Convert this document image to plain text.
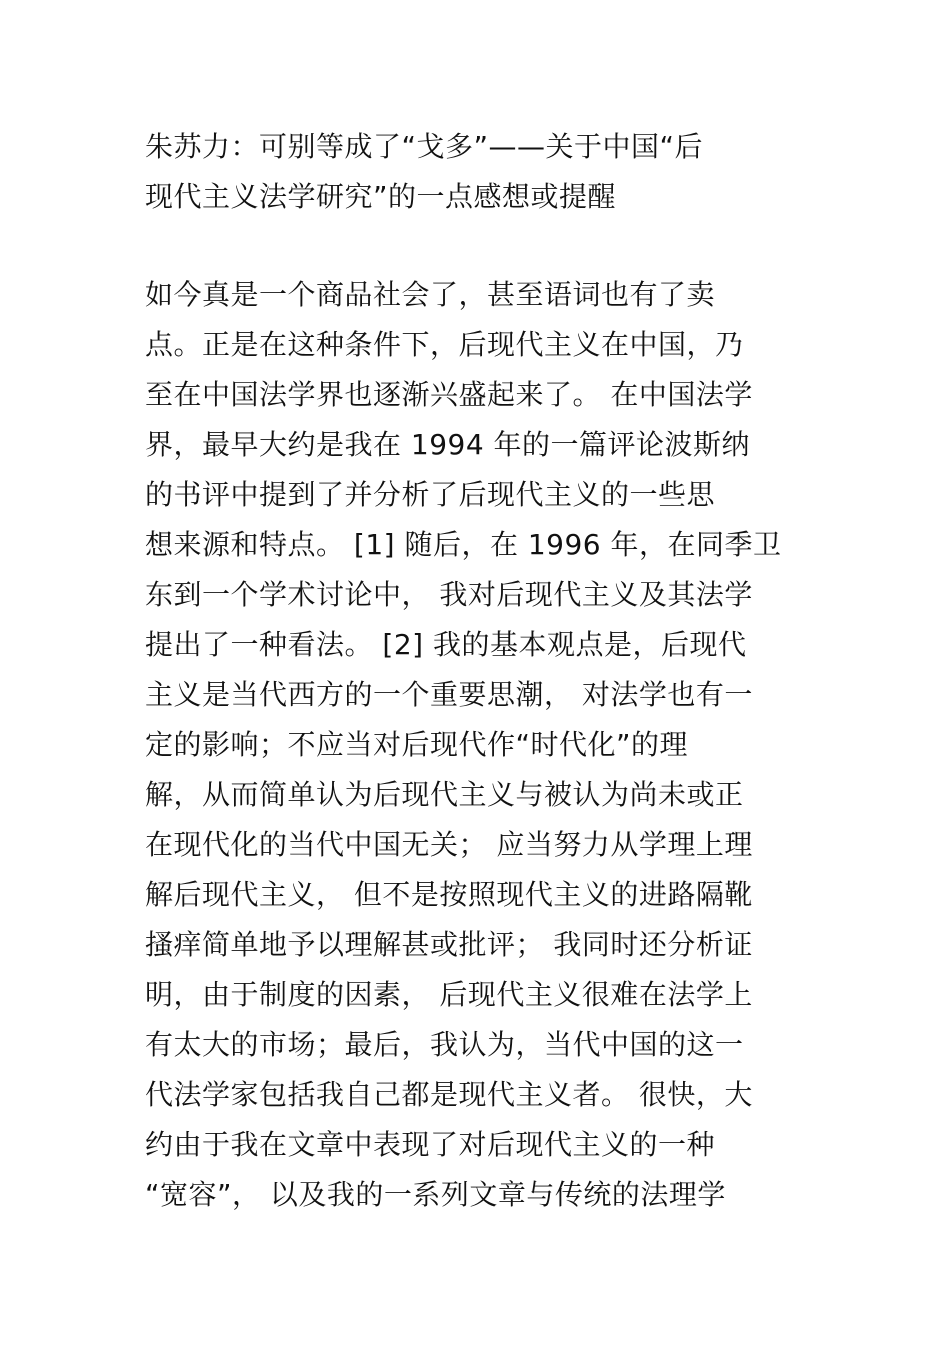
朱苏力：可别等成了“戈多”——关于中国“后
现代主义法学研究”的一点感想或提醒
如今真是一个商品社会了，甚至语词也有了卖
点。正是在这种条件下，后现代主义在中国，乃
至在中国法学界也逐渐兴盛起来了。 在中国法学
界，最早大约是我在 1994 年的一篇评论波斯纳
的书评中提到了并分析了后现代主义的一些思
想来源和特点。 [1] 随后，在 1996 年，在同季卫
东到一个学术讨论中， 我对后现代主义及其法学
提出了一种看法。 [2] 我的基本观点是，后现代
主义是当代西方的一个重要思潮， 对法学也有一
定的影响；不应当对后现代作“时代化”的理
解，从而简单认为后现代主义与被认为尚未或正
在现代化的当代中国无关； 应当努力从学理上理
解后现代主义， 但不是按照现代主义的进路隔靴
搔痒简单地予以理解甚或批评； 我同时还分析证
明，由于制度的因素， 后现代主义很难在法学上
有太大的市场；最后，我认为，当代中国的这一
代法学家包括我自己都是现代主义者。 很快，大
约由于我在文章中表现了对后现代主义的一种
“宽容”， 以及我的一系列文章与传统的法理学
